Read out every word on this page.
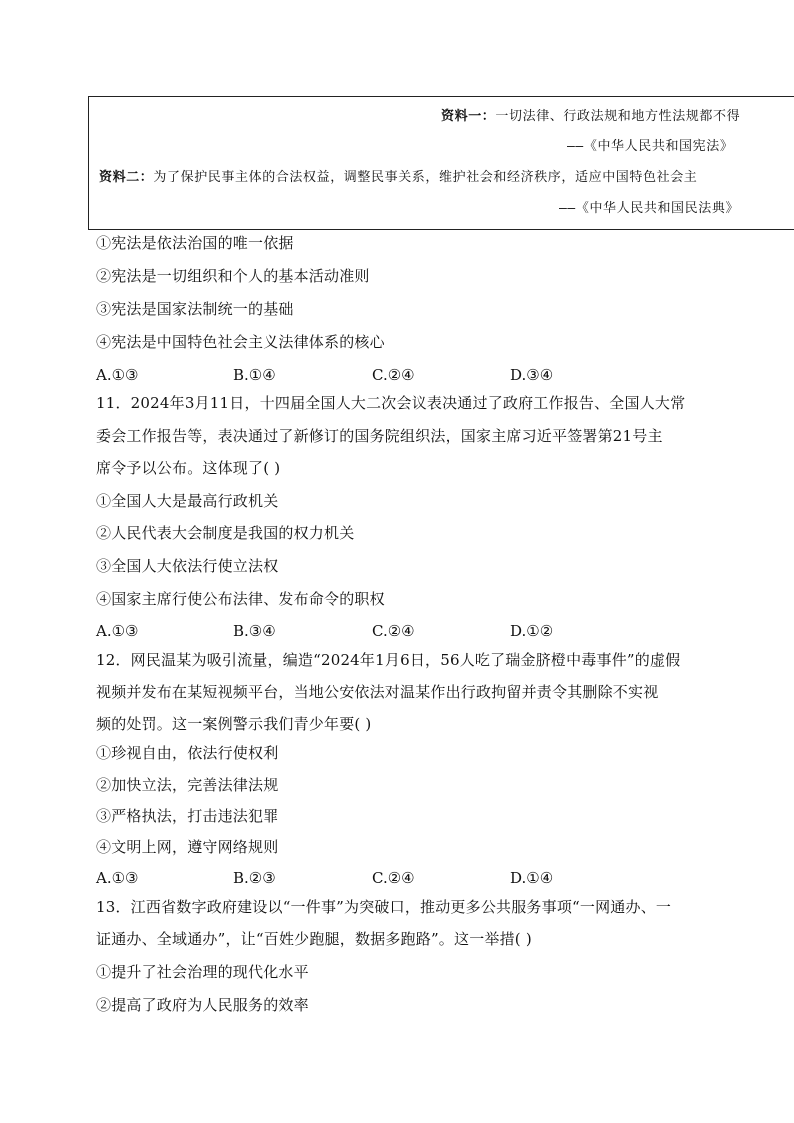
资料一：一切法律、行政法规和地方性法规都不得
——《中华人民共和国宪法》
资料二：为了保护民事主体的合法权益，调整民事关系，维护社会和经济秩序，适应中国特色社会主
——《中华人民共和国民法典》
①宪法是依法治国的唯一依据
②宪法是一切组织和个人的基本活动准则
③宪法是国家法制统一的基础
④宪法是中国特色社会主义法律体系的核心
A.①③	B.①④	C.②④	D.③④
11．2024年3月11日，十四届全国人大二次会议表决通过了政府工作报告、全国人大常
委会工作报告等，表决通过了新修订的国务院组织法，国家主席习近平签署第21号主
席令予以公布。这体现了( )
①全国人大是最高行政机关
②人民代表大会制度是我国的权力机关
③全国人大依法行使立法权
④国家主席行使公布法律、发布命令的职权
A.①③	B.③④	C.②④	D.①②
12．网民温某为吸引流量，编造“2024年1月6日，56人吃了瑞金脐橙中毒事件”的虚假
视频并发布在某短视频平台，当地公安依法对温某作出行政拘留并责令其删除不实视
频的处罚。这一案例警示我们青少年要( )
①珍视自由，依法行使权利
②加快立法，完善法律法规
③严格执法，打击违法犯罪
④文明上网，遵守网络规则
A.①③	B.②③	C.②④	D.①④
13．江西省数字政府建设以“一件事”为突破口，推动更多公共服务事项“一网通办、一
证通办、全域通办”，让“百姓少跑腿，数据多跑路”。这一举措( )
①提升了社会治理的现代化水平
②提高了政府为人民服务的效率
